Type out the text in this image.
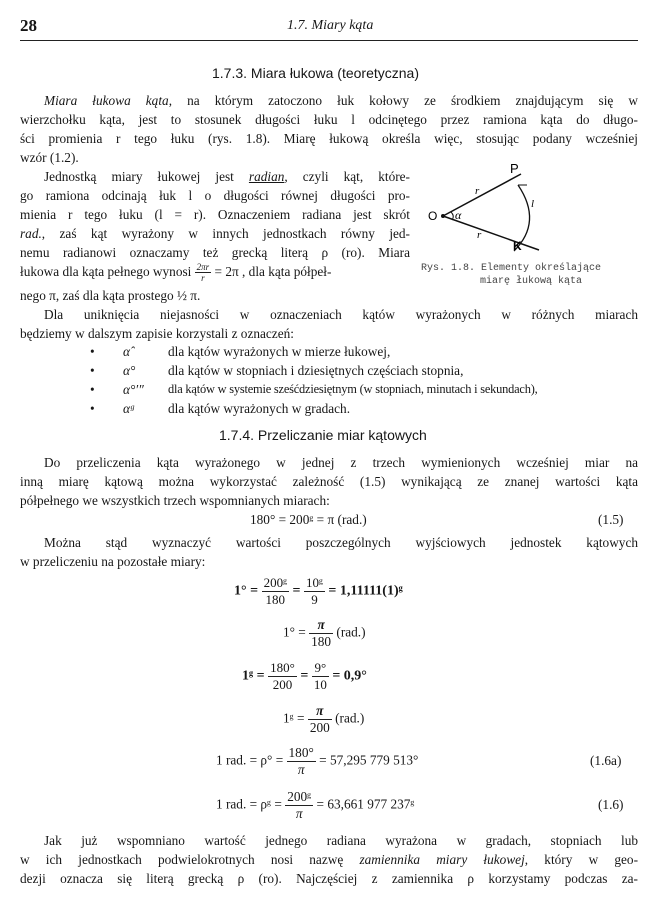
28	1.7. Miary kąta
1.7.3. Miara łukowa (teoretyczna)
Miara łukowa kąta, na którym zatoczono łuk kołowy ze środkiem znajdującym się w
wierzchołku kąta, jest to stosunek długości łuku l odcinętego przez ramiona kąta do długo-
ści promienia r tego łuku (rys. 1.8). Miarę łukową określa więc, stosując podany wcześniej
wzór (1.2).
Jednostką miary łukowej jest radian, czyli kąt, które-
go ramiona odcinają łuk l o długości równej długości pro-
mienia r tego łuku (l = r). Oznaczeniem radiana jest skrót
rad., zaś kąt wyrażony w innych jednostkach równy jed-
nemu radianowi oznaczamy też grecką literą ρ (ro). Miara
łukowa dla kąta pełnego wynosi $\frac{2\pi r}{r} = 2\pi$ , dla kąta półpeł-
nego π, zaś dla kąta prostego ½ π.
P
O
K
α
r
r
l
Rys. 1.8. Elementy określające
miarę łukową kąta
Dla uniknięcia niejasności w oznaczeniach kątów wyrażonych w różnych miarach
będziemy w dalszym zapisie korzystali z oznaczeń:
• α̂	dla kątów wyrażonych w mierze łukowej,
• α° dla kątów w stopniach i dziesiętnych częściach stopnia,
• α°′″ dla kątów w systemie sześćdziesiętnym (w stopniach, minutach i sekundach),
• αᵍ	dla kątów wyrażonych w gradach.
1.7.4. Przeliczanie miar kątowych
Do przeliczenia kąta wyrażonego w jednej z trzech wymienionych wcześniej miar na
inną miarę kątową można wykorzystać zależność (1.5) wynikającą ze znanej wartości kąta
półpełnego we wszystkich trzech wspomnianych miarach:
180° = 200ᵍ = π (rad.)	(1.5)
Można stąd wyznaczyć wartości poszczególnych wyjściowych jednostek kątowych
w przeliczeniu na pozostałe miary:
$1^\circ = \frac{\text{200ᵍ}}{180} = \frac{\text{10ᵍ}}{9}$ = 1,11111(1)ᵍ
$1^\circ = \frac{\pi}{180} (rad.)$
1ᵍ = $\frac{180^\circ}{200} = \frac{9^\circ}{10} = 0,9^\circ$
1ᵍ = $\frac{\pi}{200} (rad.)$
1 rad. = $\rho^\circ = \frac{180^\circ}{\pi} = 57,295$ 779 513°	(1.6a)
1 rad. = ρᵍ = $\frac{\text{200ᵍ}}{\pi} = 63,661$ 977 237ᵍ	(1.6)
Jak już wspomniano wartość jednego radiana wyrażona w gradach, stopniach lub
w ich jednostkach podwielokrotnych nosi nazwę zamiennika miary łukowej, który w geo-
dezji oznacza się literą grecką ρ (ro). Najczęściej z zamiennika ρ korzystamy podczas za-
